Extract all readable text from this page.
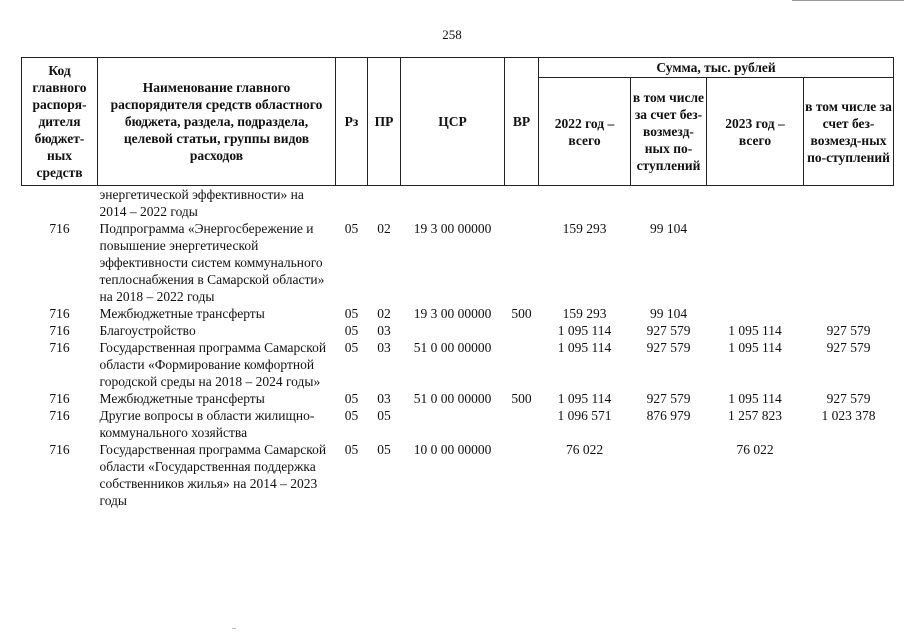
258
Код главного распоря-дителя бюджет-ных средств	Наименование главного распорядителя средств областного бюджета, раздела, подраздела, целевой статьи, группы видов расходов	Рз	ПР	ЦСР	ВР	Сумма, тыс. рублей			
						2022 год – всего	в том числе за счет без-возмезд-ных по-ступлений	2023 год – всего	в том числе за счет без-возмезд-ных по-ступлений

	энергетической эффективности» на 2014 – 2022 годы								
716	Подпрограмма «Энергосбережение и повышение энергетической эффективности систем коммунального теплоснабжения в Самарской области» на 2018 – 2022 годы	05	02	19 3 00 00000		159 293	99 104		
716	Межбюджетные трансферты	05	02	19 3 00 00000	500	159 293	99 104		
716	Благоустройство	05	03			1 095 114	927 579	1 095 114	927 579
716	Государственная программа Самарской области «Формирование комфортной городской среды на 2018 – 2024 годы»	05	03	51 0 00 00000		1 095 114	927 579	1 095 114	927 579
716	Межбюджетные трансферты	05	03	51 0 00 00000	500	1 095 114	927 579	1 095 114	927 579
716	Другие вопросы в области жилищно-коммунального хозяйства	05	05			1 096 571	876 979	1 257 823	1 023 378
716	Государственная программа Самарской области «Государственная поддержка собственников жилья» на 2014 – 2023 годы	05	05	10 0 00 00000		76 022		76 022	
